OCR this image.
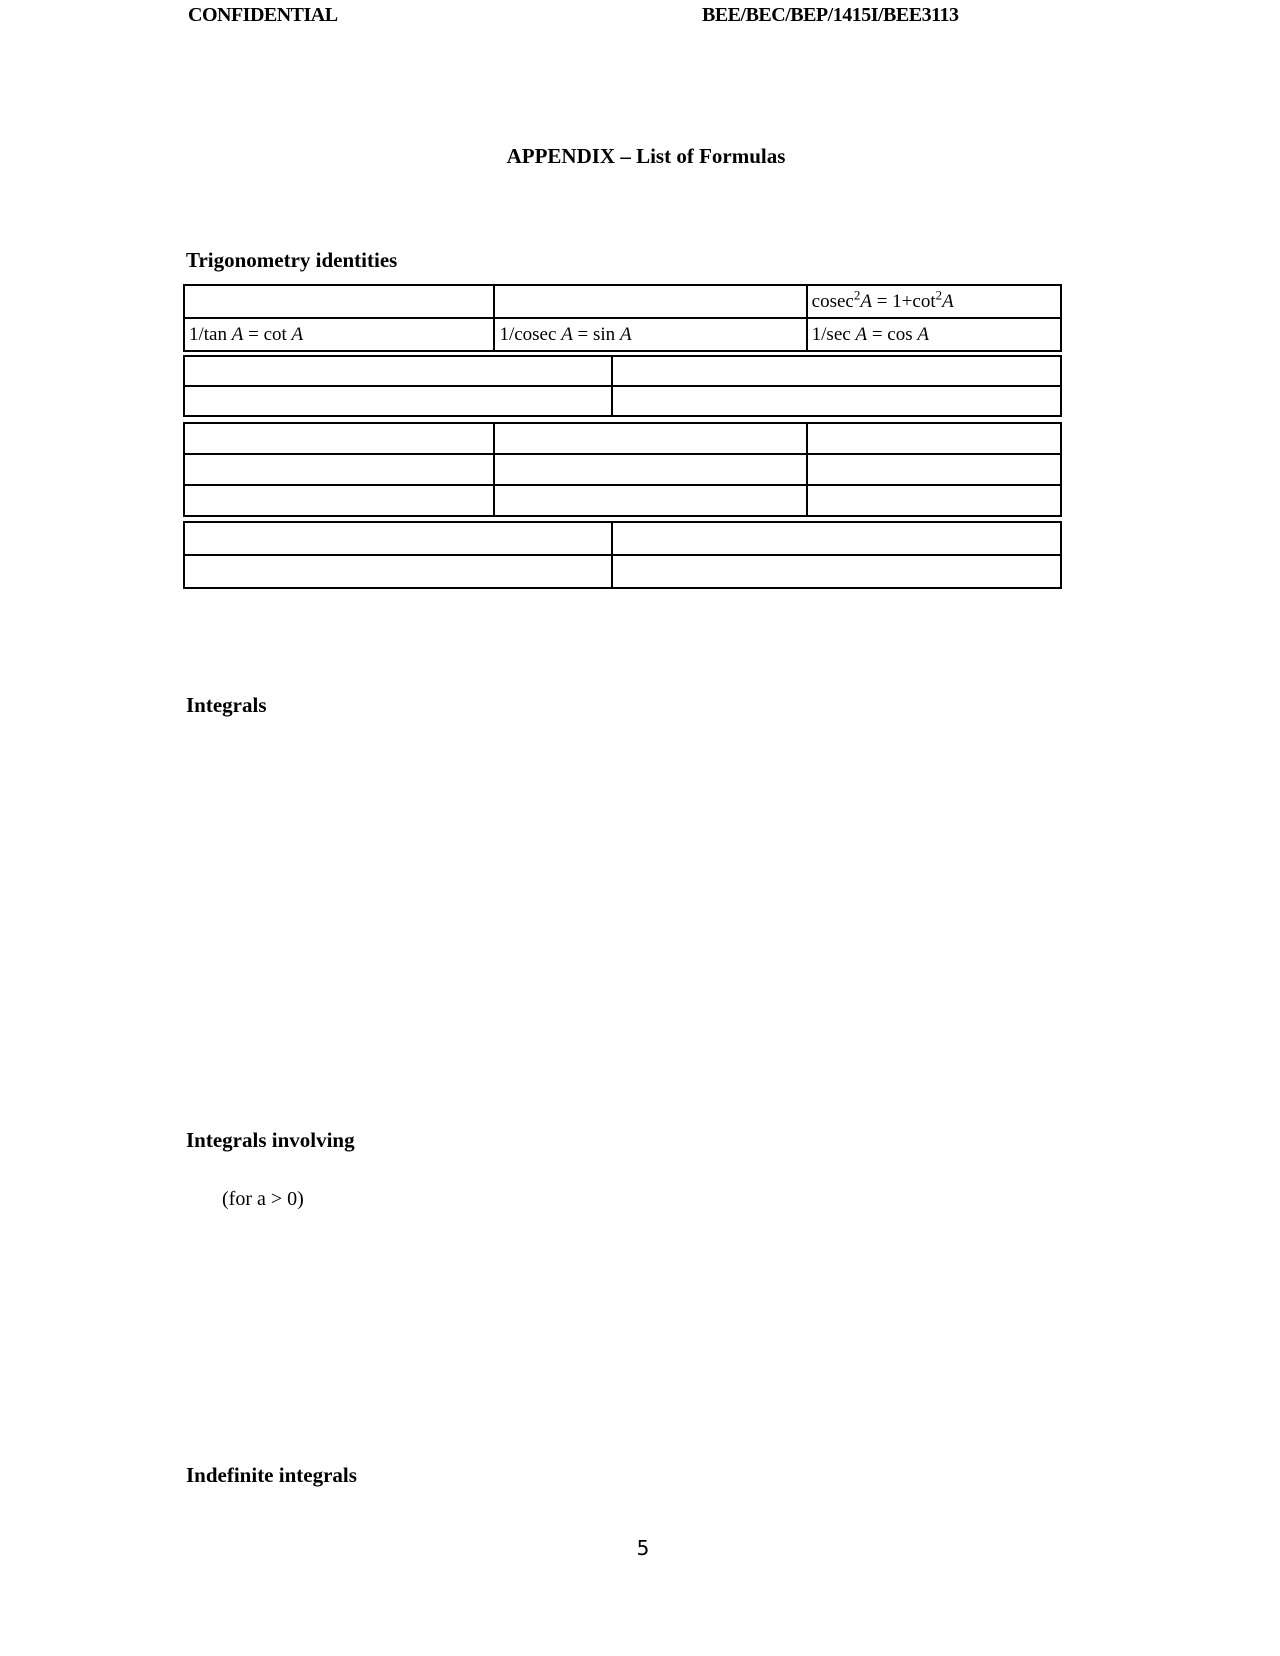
CONFIDENTIAL	BEE/BEC/BEP/1415I/BEE3113
APPENDIX – List of Formulas
Trigonometry identities
		$cosec^2A = 1+\cot^2A$
1/tan A = cot A	1/cosec A = sin A	1/sec A = cos A

Integrals
Integrals involving
(for a > 0)
Indefinite integrals
5
